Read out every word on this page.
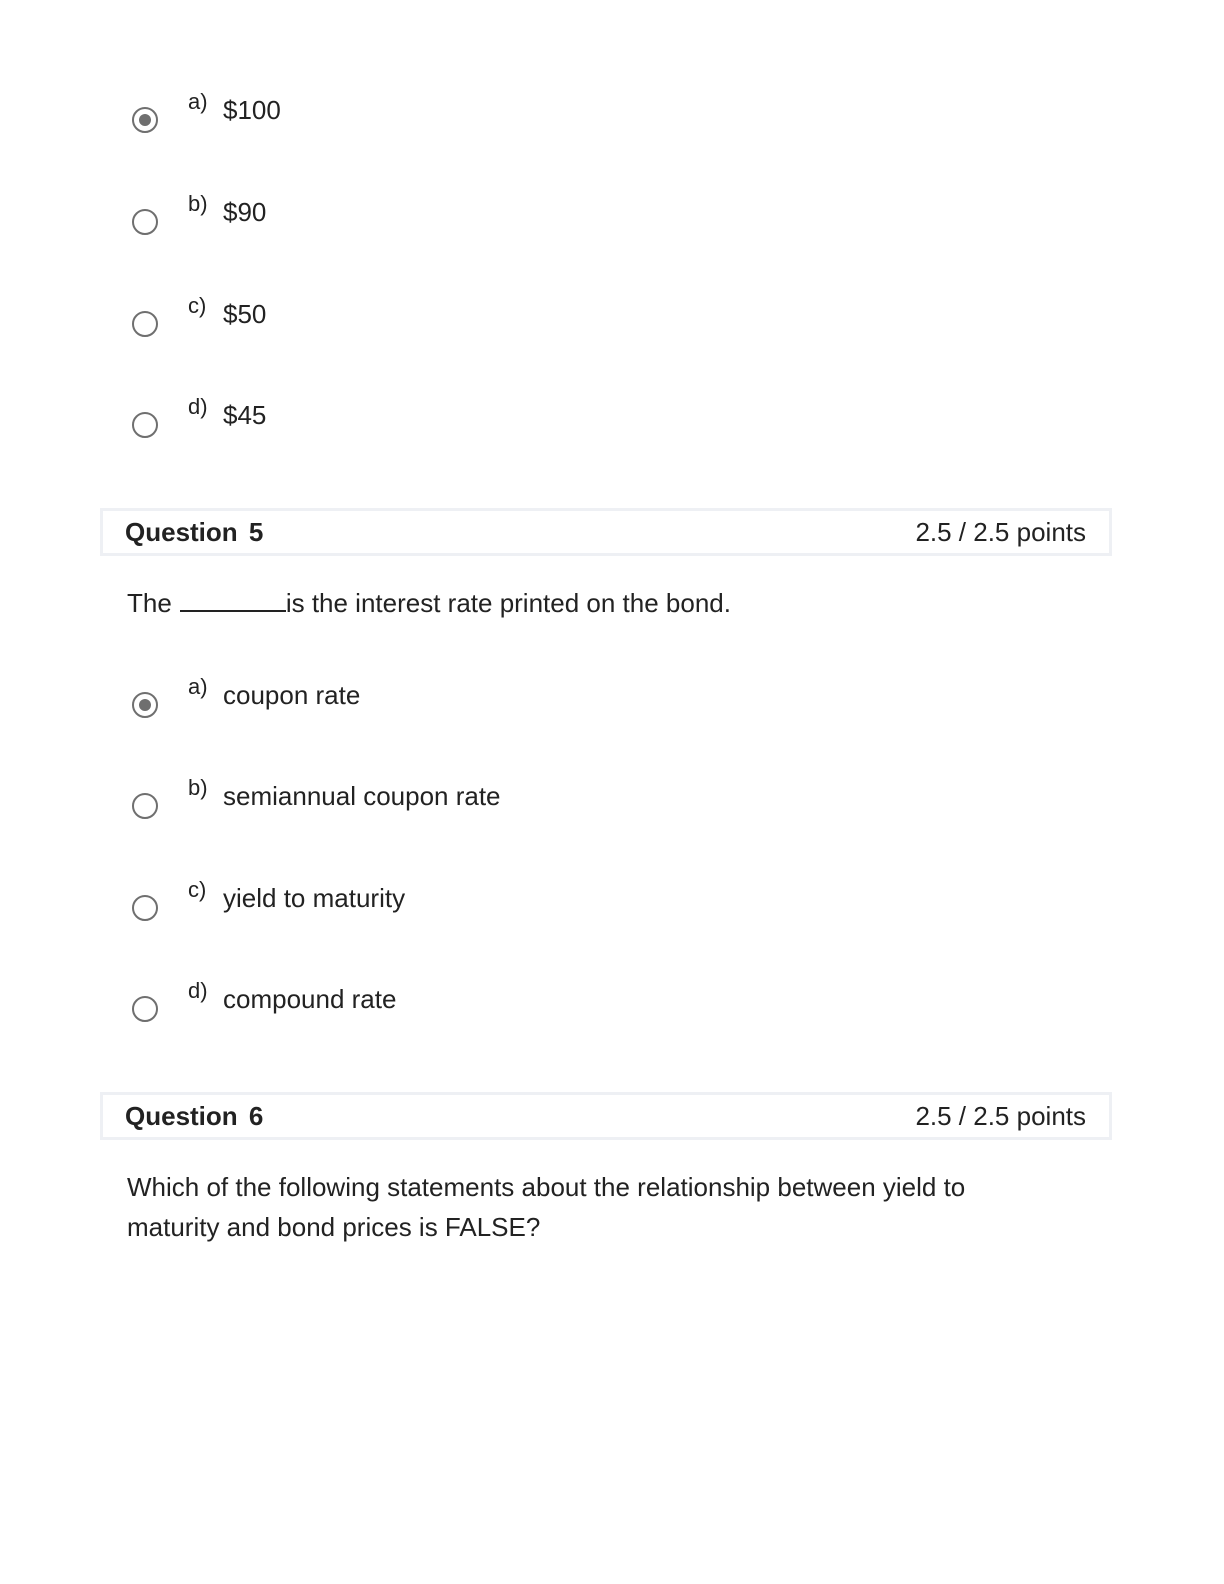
a) $100
b) $90
c) $50
d) $45
Question 5	2.5 / 2.5 points
The	is the interest rate printed on the bond.
a) coupon rate
b) semiannual coupon rate
c) yield to maturity
d) compound rate
Question 6	2.5 / 2.5 points
Which of the following statements about the relationship between yield to
maturity and bond prices is FALSE?
